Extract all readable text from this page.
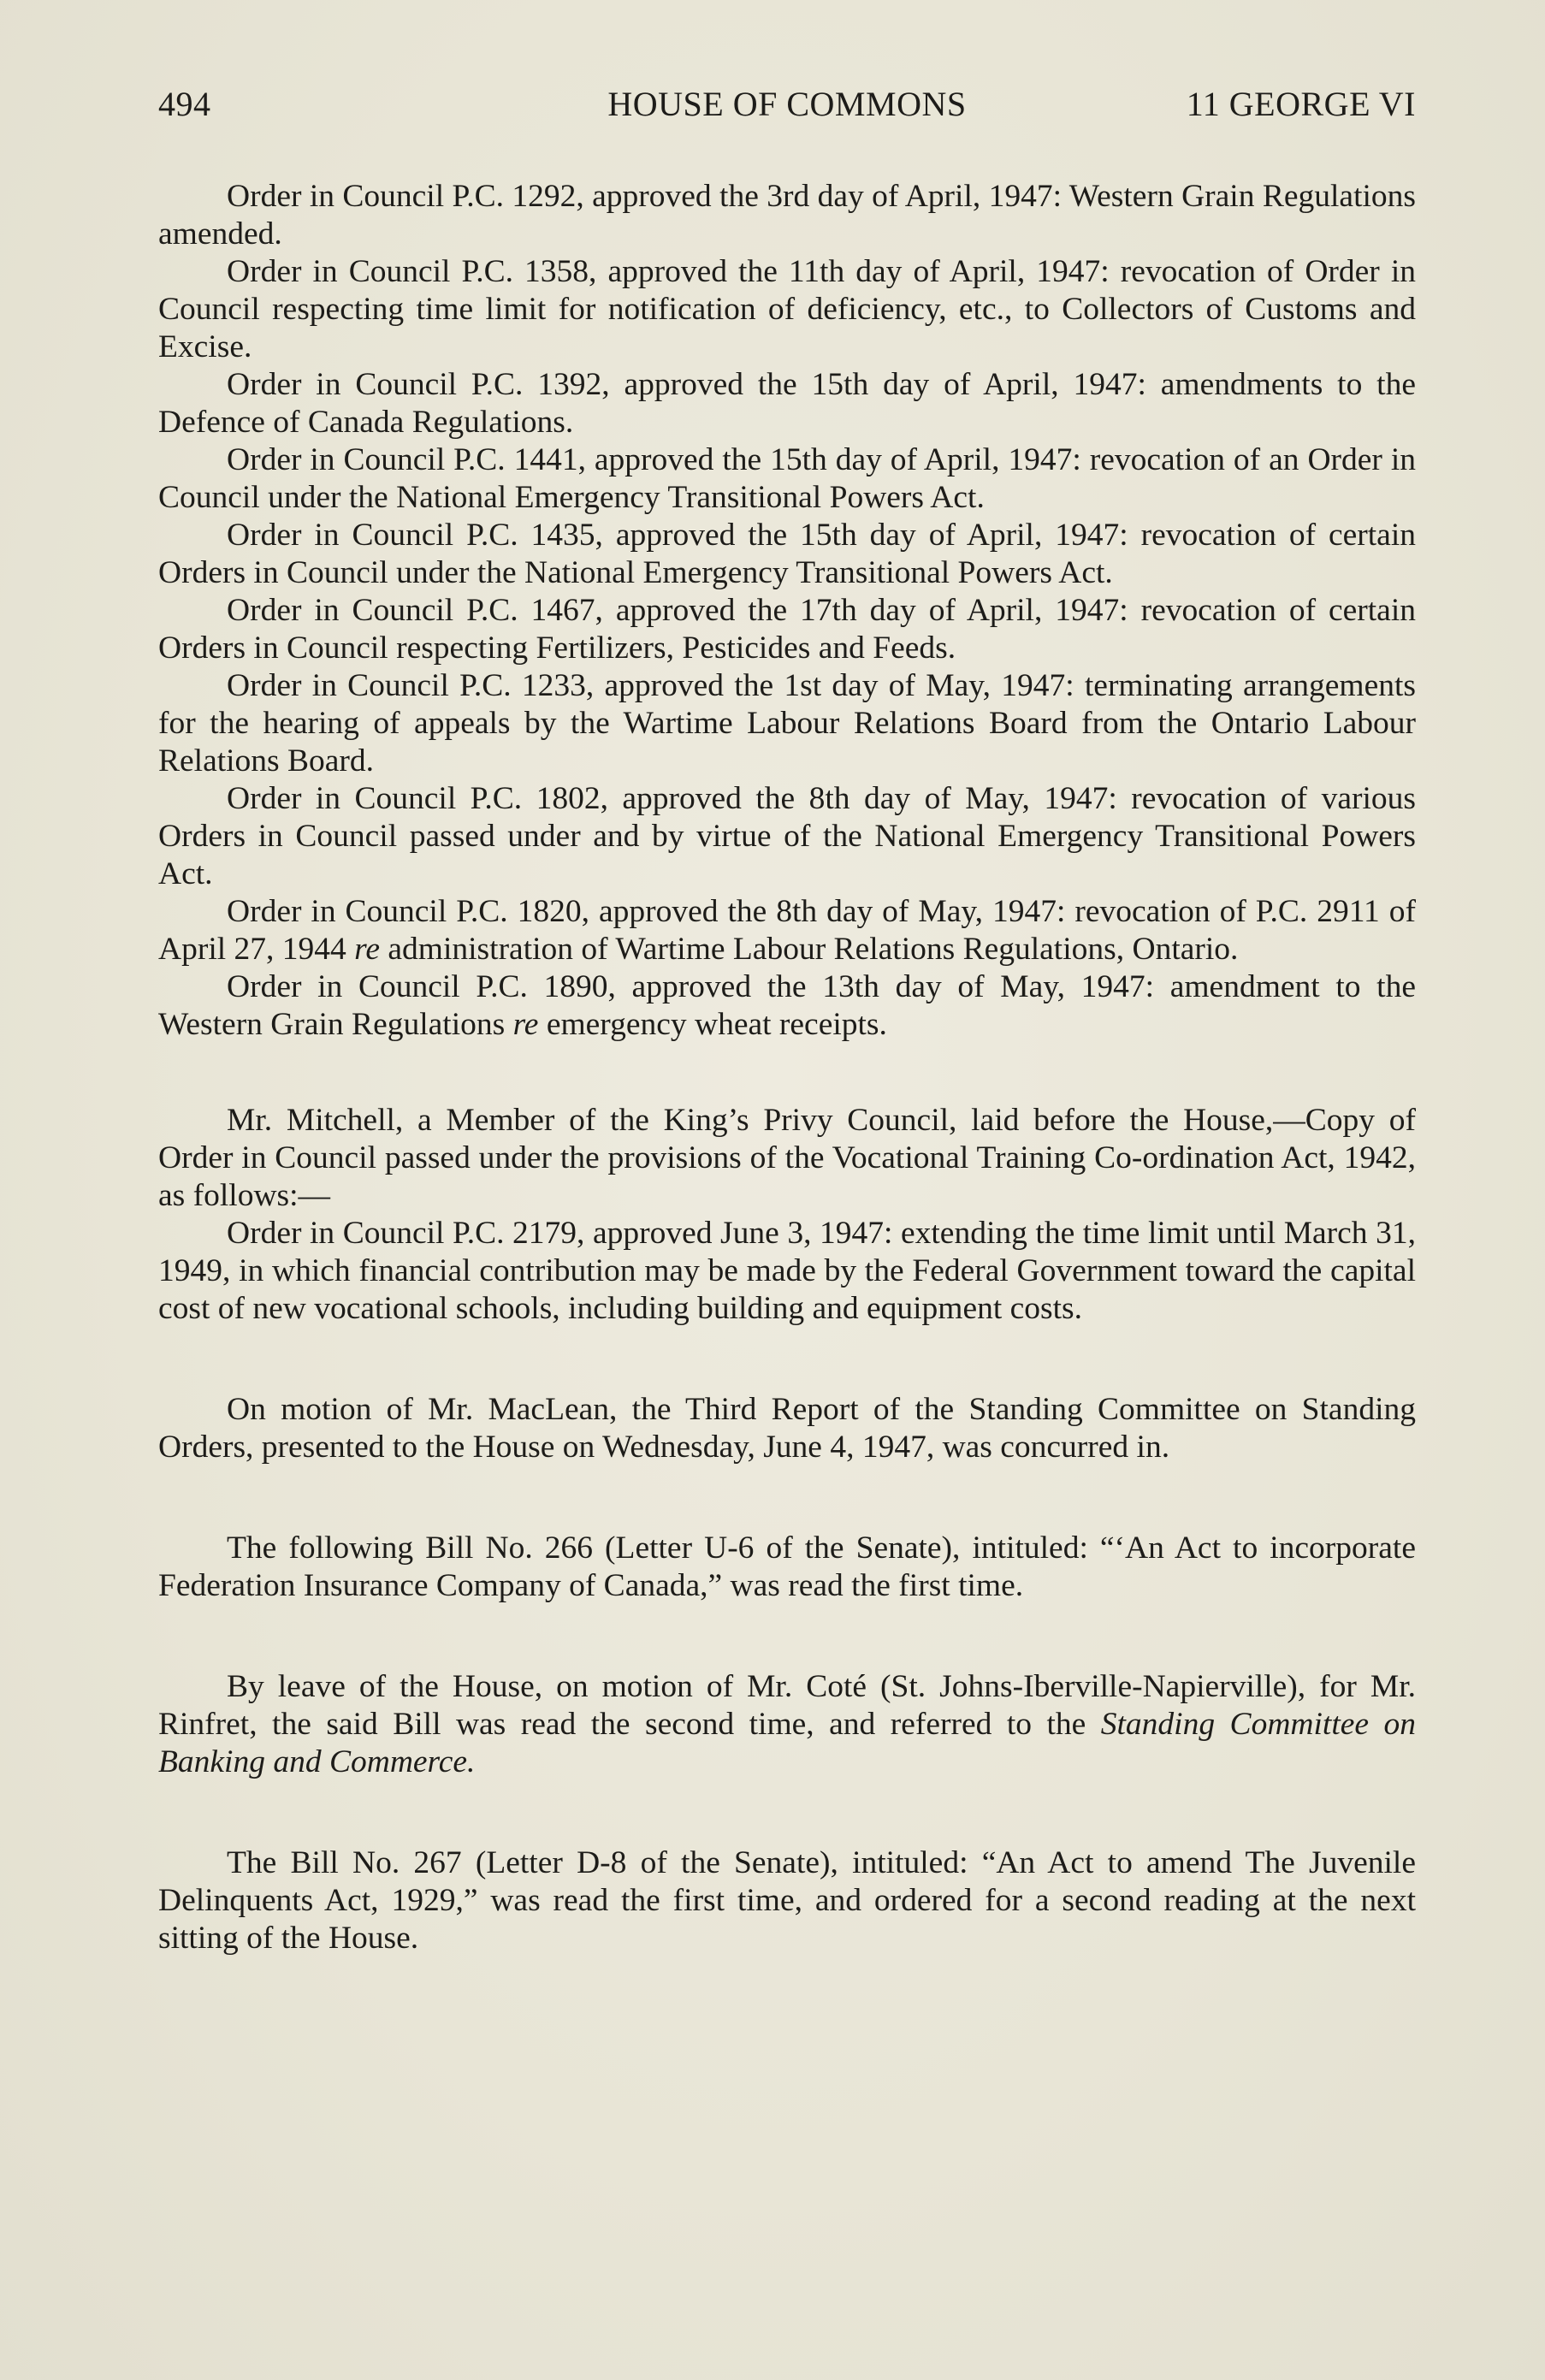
494	HOUSE OF COMMONS	11 GEORGE VI

Order in Council P.C. 1292, approved the 3rd day of April, 1947: Western Grain Regulations amended.

Order in Council P.C. 1358, approved the 11th day of April, 1947: revocation of Order in Council respecting time limit for notification of deficiency, etc., to Collectors of Customs and Excise.

Order in Council P.C. 1392, approved the 15th day of April, 1947: amendments to the Defence of Canada Regulations.

Order in Council P.C. 1441, approved the 15th day of April, 1947: revocation of an Order in Council under the National Emergency Transitional Powers Act.

Order in Council P.C. 1435, approved the 15th day of April, 1947: revocation of certain Orders in Council under the National Emergency Transitional Powers Act.

Order in Council P.C. 1467, approved the 17th day of April, 1947: revocation of certain Orders in Council respecting Fertilizers, Pesticides and Feeds.

Order in Council P.C. 1233, approved the 1st day of May, 1947: terminating arrangements for the hearing of appeals by the Wartime Labour Relations Board from the Ontario Labour Relations Board.

Order in Council P.C. 1802, approved the 8th day of May, 1947: revocation of various Orders in Council passed under and by virtue of the National Emergency Transitional Powers Act.

Order in Council P.C. 1820, approved the 8th day of May, 1947: revocation of P.C. 2911 of April 27, 1944 re administration of Wartime Labour Relations Regulations, Ontario.

Order in Council P.C. 1890, approved the 13th day of May, 1947: amendment to the Western Grain Regulations re emergency wheat receipts.

Mr. Mitchell, a Member of the King’s Privy Council, laid before the House,—Copy of Order in Council passed under the provisions of the Vocational Training Co-ordination Act, 1942, as follows:—

Order in Council P.C. 2179, approved June 3, 1947: extending the time limit until March 31, 1949, in which financial contribution may be made by the Federal Government toward the capital cost of new vocational schools, including building and equipment costs.

On motion of Mr. MacLean, the Third Report of the Standing Committee on Standing Orders, presented to the House on Wednesday, June 4, 1947, was concurred in.

The following Bill No. 266 (Letter U-6 of the Senate), intituled: “‘An Act to incorporate Federation Insurance Company of Canada,” was read the first time.

By leave of the House, on motion of Mr. Coté (St. Johns-Iberville-Napierville), for Mr. Rinfret, the said Bill was read the second time, and referred to the Standing Committee on Banking and Commerce.

The Bill No. 267 (Letter D-8 of the Senate), intituled: “An Act to amend The Juvenile Delinquents Act, 1929,” was read the first time, and ordered for a second reading at the next sitting of the House.
